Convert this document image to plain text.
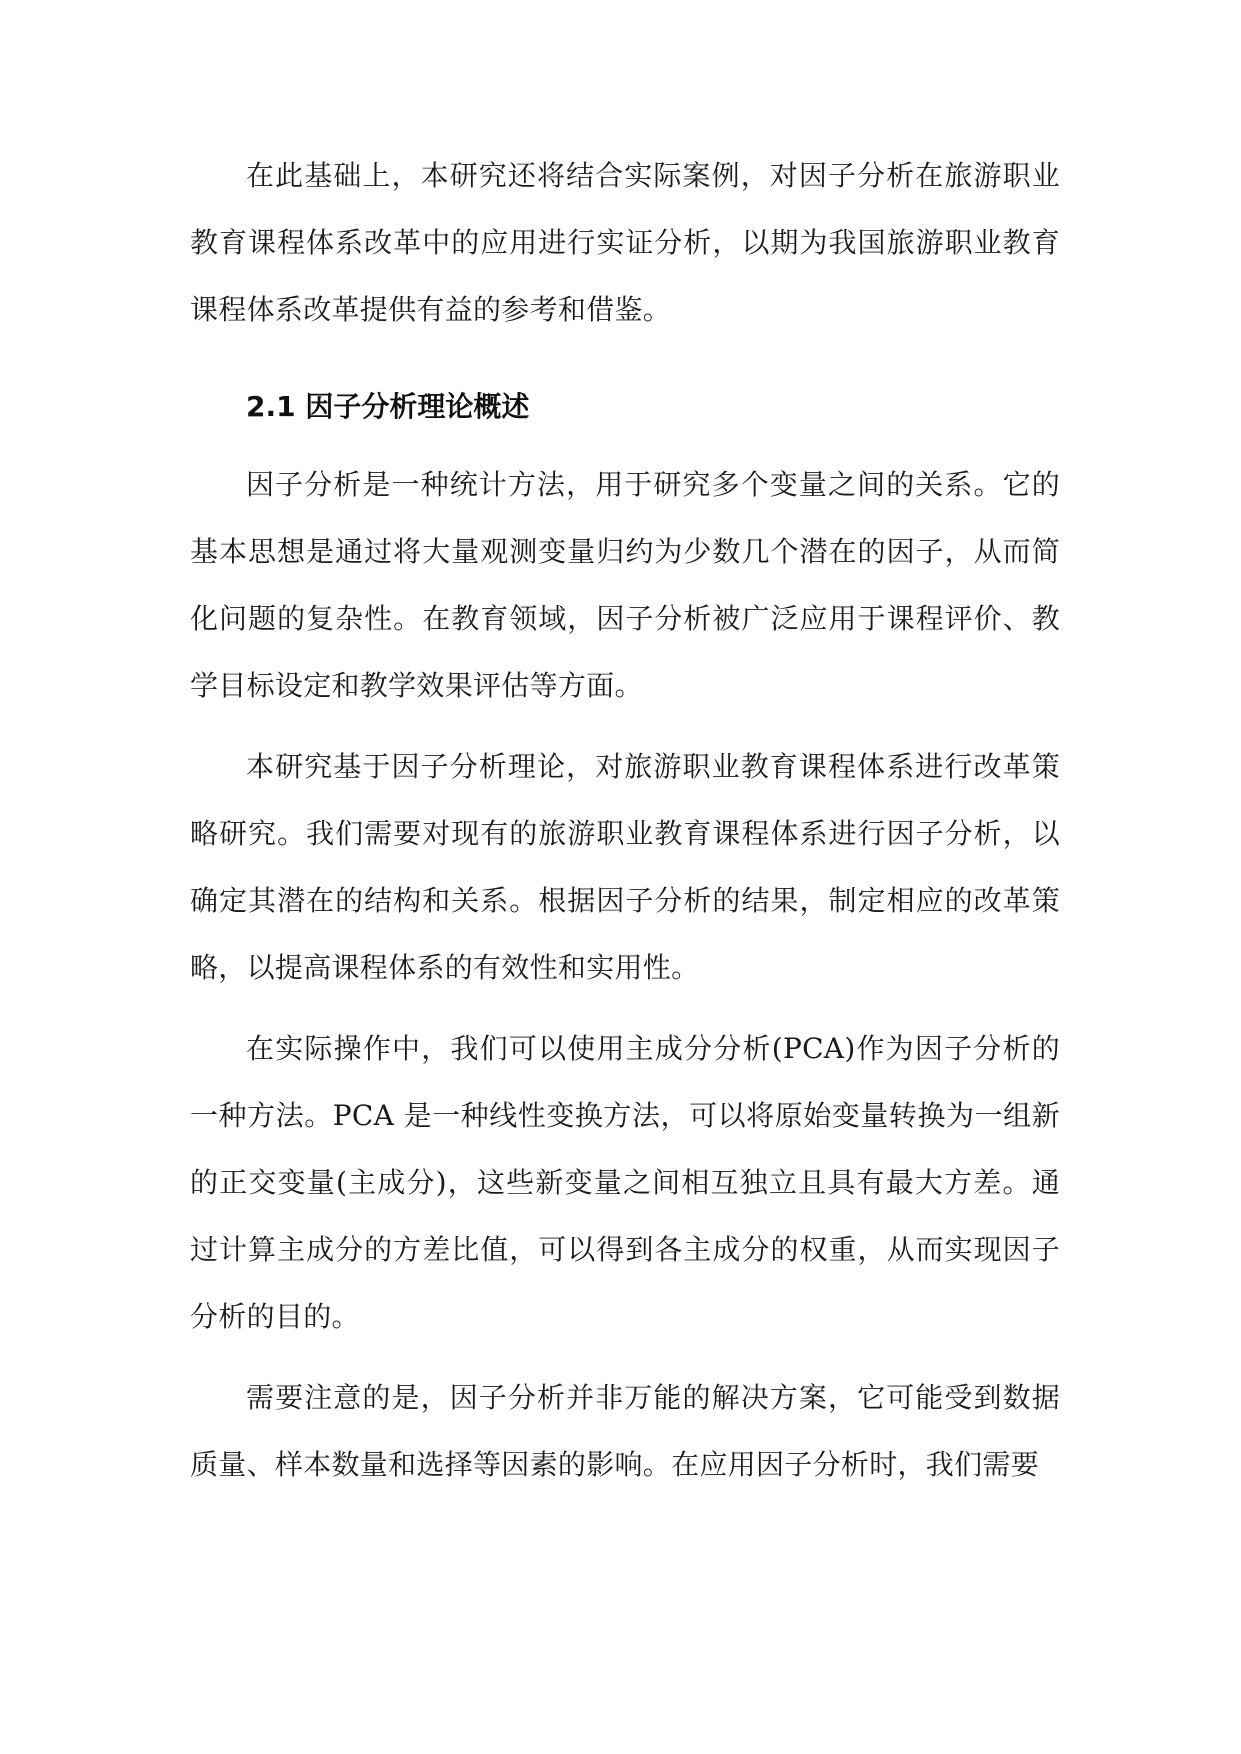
在此基础上，本研究还将结合实际案例，对因子分析在旅游职业教育课程体系改革中的应用进行实证分析，以期为我国旅游职业教育课程体系改革提供有益的参考和借鉴。

2.1 因子分析理论概述

因子分析是一种统计方法，用于研究多个变量之间的关系。它的基本思想是通过将大量观测变量归约为少数几个潜在的因子，从而简化问题的复杂性。在教育领域，因子分析被广泛应用于课程评价、教学目标设定和教学效果评估等方面。

本研究基于因子分析理论，对旅游职业教育课程体系进行改革策略研究。我们需要对现有的旅游职业教育课程体系进行因子分析，以确定其潜在的结构和关系。根据因子分析的结果，制定相应的改革策略，以提高课程体系的有效性和实用性。

在实际操作中，我们可以使用主成分分析(PCA)作为因子分析的一种方法。PCA 是一种线性变换方法，可以将原始变量转换为一组新的正交变量(主成分)，这些新变量之间相互独立且具有最大方差。通过计算主成分的方差比值，可以得到各主成分的权重，从而实现因子分析的目的。

需要注意的是，因子分析并非万能的解决方案，它可能受到数据质量、样本数量和选择等因素的影响。在应用因子分析时，我们需要
